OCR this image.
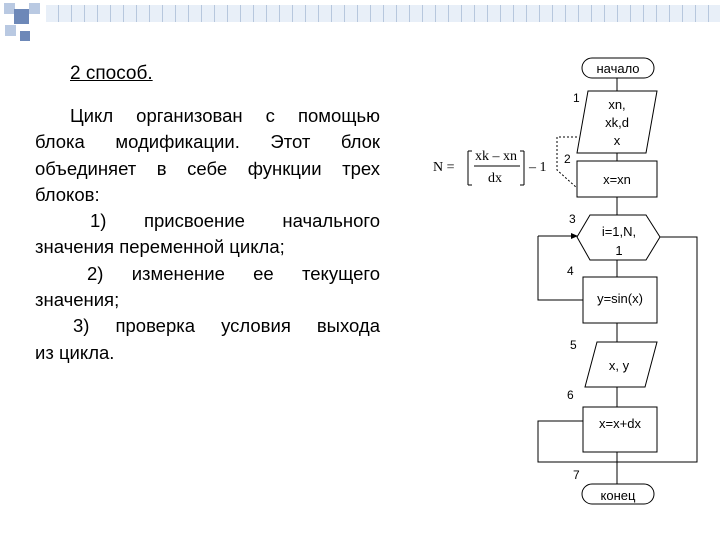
2 способ.
Цикл организован с помощью
блока модификации. Этот блок
объединяет в себе функции трех
блоков:
1) присвоение начального
значения переменной цикла;
2) изменение ее текущего
значения;
3) проверка условия выхода
из цикла.
N =
xk – xn
dx
– 1
начало
xn,
xk,d
x
x=xn
i=1,N,
1
y=sin(x)
x, y
x=x+dx
конец
1
2
3
4
5
6
7
